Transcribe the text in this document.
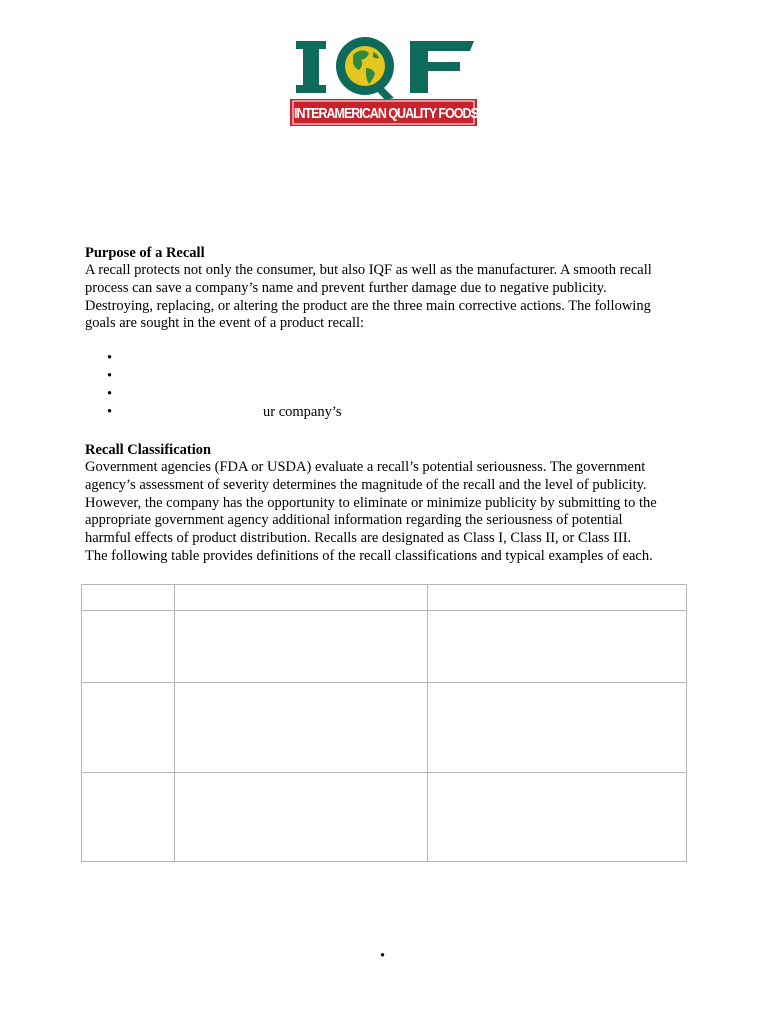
INTERAMERICAN QUALITY FOODS, INC.
Purpose of a Recall
A recall protects not only the consumer, but also IQF as well as the manufacturer. A smooth recall
process can save a company’s name and prevent further damage due to negative publicity.
Destroying, replacing, or altering the product are the three main corrective actions. The following
goals are sought in the event of a product recall:
•
•
•
•	ur company’s
Recall Classification
Government agencies (FDA or USDA) evaluate a recall’s potential seriousness. The government
agency’s assessment of severity determines the magnitude of the recall and the level of publicity.
However, the company has the opportunity to eliminate or minimize publicity by submitting to the
appropriate government agency additional information regarding the seriousness of potential
harmful effects of product distribution. Recalls are designated as Class I, Class II, or Class III.
The following table provides definitions of the recall classifications and typical examples of each.

•
